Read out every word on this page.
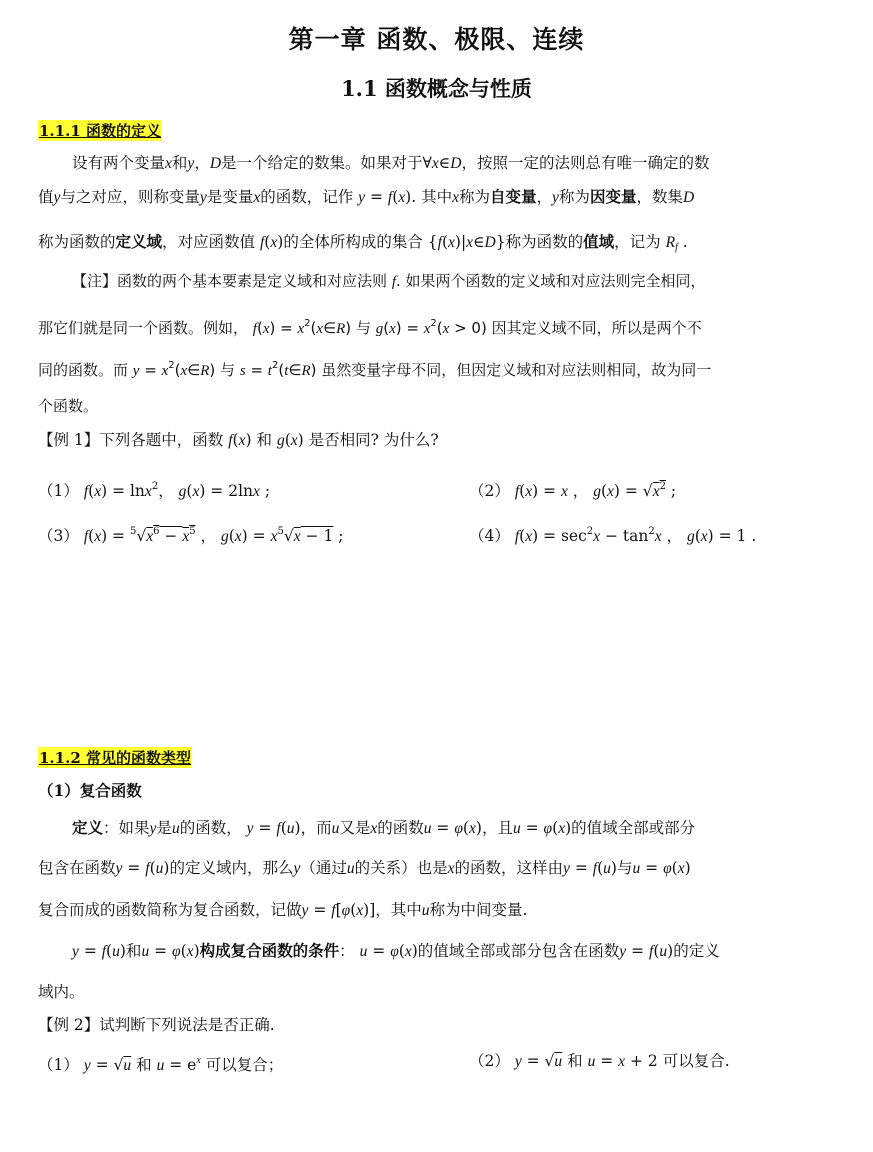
第一章 函数、极限、连续
1.1 函数概念与性质
1.1.1 函数的定义
设有两个变量x和y，D是一个给定的数集。如果对于∀x∈D，按照一定的法则总有唯一确定的数
值y与之对应，则称变量y是变量x的函数，记作 y = f(x). 其中x称为自变量，y称为因变量，数集D
称为函数的定义域，对应函数值 f(x)的全体所构成的集合 {f(x)|x∈D}称为函数的值域，记为 $R_f$ .
【注】函数的两个基本要素是定义域和对应法则 f. 如果两个函数的定义域和对应法则完全相同，
那它们就是同一个函数。例如， $f(x) = x^2(x\in R)$ 与 $g(x) = x^2(x > 0)$ 因其定义域不同，所以是两个不
同的函数。而 $y = x^2(x\in R)$ 与 $s = t^2(t\in R)$ 虽然变量字母不同，但因定义域和对应法则相同，故为同一
个函数。
【例 1】下列各题中，函数 f(x) 和 g(x) 是否相同? 为什么?
（1） f(x) = lnx$^2$， g(x) = 2lnx ;	（2） f(x) = x ， $g(x) = √x^2$ ;
（3） $f(x) = ^5√x^6 - x^5$ ， $g(x) = x^5√x - 1$ ;	（4） $f(x) = \sec^2x - \tan^2x$ ， g(x) = 1 .
1.1.2 常见的函数类型
（1）复合函数
定义：如果y是u的函数， y = f(u)，而u又是x的函数u = φ(x)，且u = φ(x)的值域全部或部分
包含在函数y = f(u)的定义域内，那么y（通过u的关系）也是x的函数，这样由y = f(u)与u = φ(x)
复合而成的函数简称为复合函数，记做y = f[φ(x)]，其中u称为中间变量.
y = f(u)和u = φ(x)构成复合函数的条件： u = φ(x)的值域全部或部分包含在函数y = f(u)的定义
域内。
【例 2】试判断下列说法是否正确.
（1） y = √u 和 $u = e^x$ 可以复合；	（2） y = √u 和 u = x + 2 可以复合.
